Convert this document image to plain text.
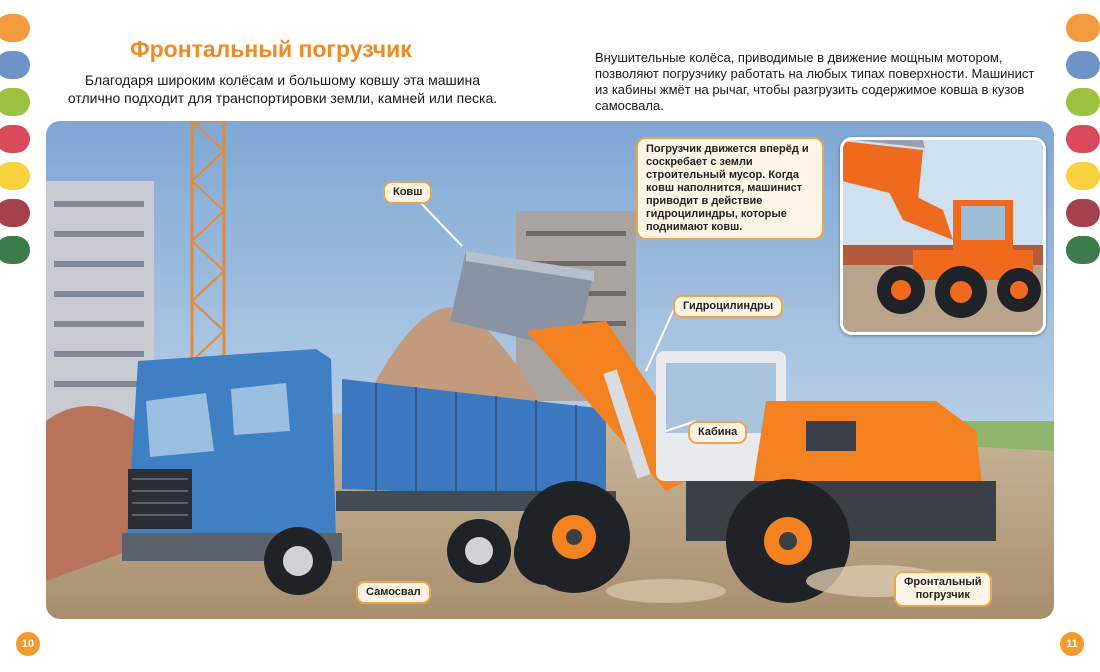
Фронтальный погрузчик

Благодаря широким колёсам и большому ковшу эта машина отлично подходит для транспортировки земли, камней или песка.

Внушительные колёса, приводимые в движение мощным мотором, позволяют погрузчику работать на любых типах поверхности. Машинист из кабины жмёт на рычаг, чтобы разгрузить содержимое ковша в кузов самосвала.

Ковш
Гидроцилиндры
Кабина
Самосвал
Фронтальный
погрузчик
Погрузчик движется вперёд и соскребает с земли строительный мусор. Когда ковш наполнится, машинист приводит в действие гидроцилиндры, которые поднимают ковш.
10	11
